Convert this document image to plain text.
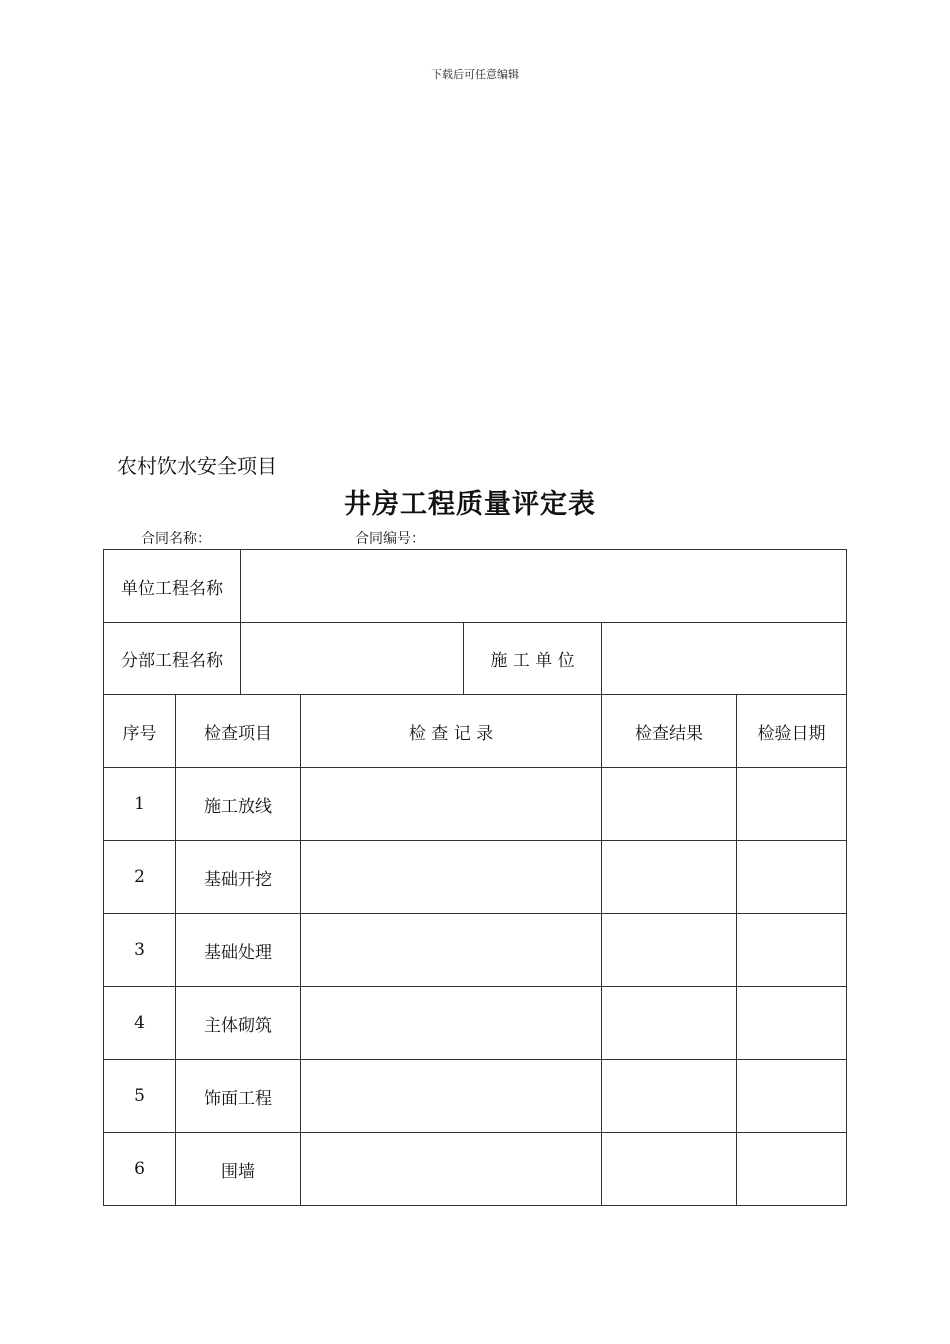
下载后可任意编辑
农村饮水安全项目
井房工程质量评定表
合同名称：	合同编号：
单位工程名称						
分部工程名称				施 工 单 位		
序号	检查项目		检 查 记 录		检查结果	检验日期
1	施工放线					
2	基础开挖					
3	基础处理					
4	主体砌筑					
5	饰面工程					
6	围墙					
